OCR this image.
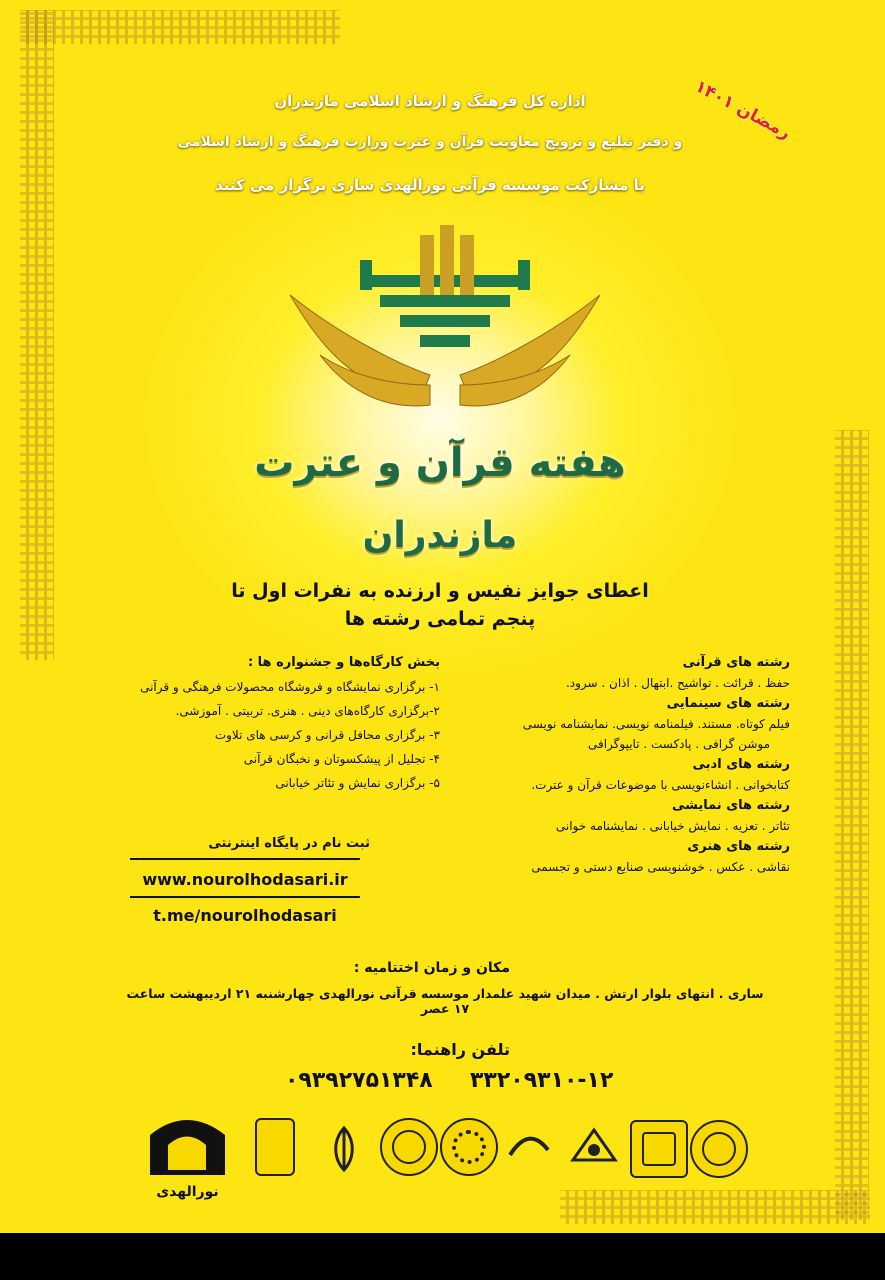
اداره کل فرهنگ و ارشاد اسلامی مازندران
و دفتر تبلیغ و ترویج معاونت قرآن و عترت وزارت فرهنگ و ارشاد اسلامی
با مشارکت موسسه قرآنی نورالهدی ساری برگزار می کنند
رمضان ۱۴۰۱
هفته قرآن و عترت
مازندران
اعطای جوایز نفیس و ارزنده به نفرات اول تا
پنجم تمامی رشته ها
رشته های قرآنی
حفظ . قرائت . تواشیح .ابتهال . اذان . سرود.
رشته های سینمایی
فیلم کوتاه. مستند. فیلمنامه نویسی. نمایشنامه نویسی
موشن گرافی . پادکست . تایپوگرافی
رشته های ادبی
کتابخوانی . انشاءنویسی با موضوعات قرآن و عترت.
رشته های نمایشی
تئاتر . تعزیه . نمایش خیابانی . نمایشنامه خوانی
رشته های هنری
نقاشی . عکس . خوشنویسی صنایع دستی و تجسمی
بخش کارگاه‌ها و جشنواره ها :
۱- برگزاری نمایشگاه و فروشگاه محصولات فرهنگی و قرآنی
۲-برگزاری کارگاه‌های دینی . هنری. تربیتی . آموزشی.
۳- برگزاری محافل قرانی و کرسی های تلاوت
۴- تجلیل از پیشکسوتان و نخبگان قرآنی
۵- برگزاری نمایش و تئاتر خیابانی
ثبت نام در پایگاه اینترنتی
www.nourolhodasari.ir
t.me/nourolhodasari
مکان و زمان اختتامیه :
ساری . انتهای بلوار ارتش . میدان شهید علمدار موسسه قرآنی نورالهدی چهارشنبه ۲۱ اردیبهشت ساعت ۱۷ عصر
تلفن راهنما:
۳۳۲۰۹۳۱۰-۱۲
۰۹۳۹۲۷۵۱۳۴۸
نورالهدی
